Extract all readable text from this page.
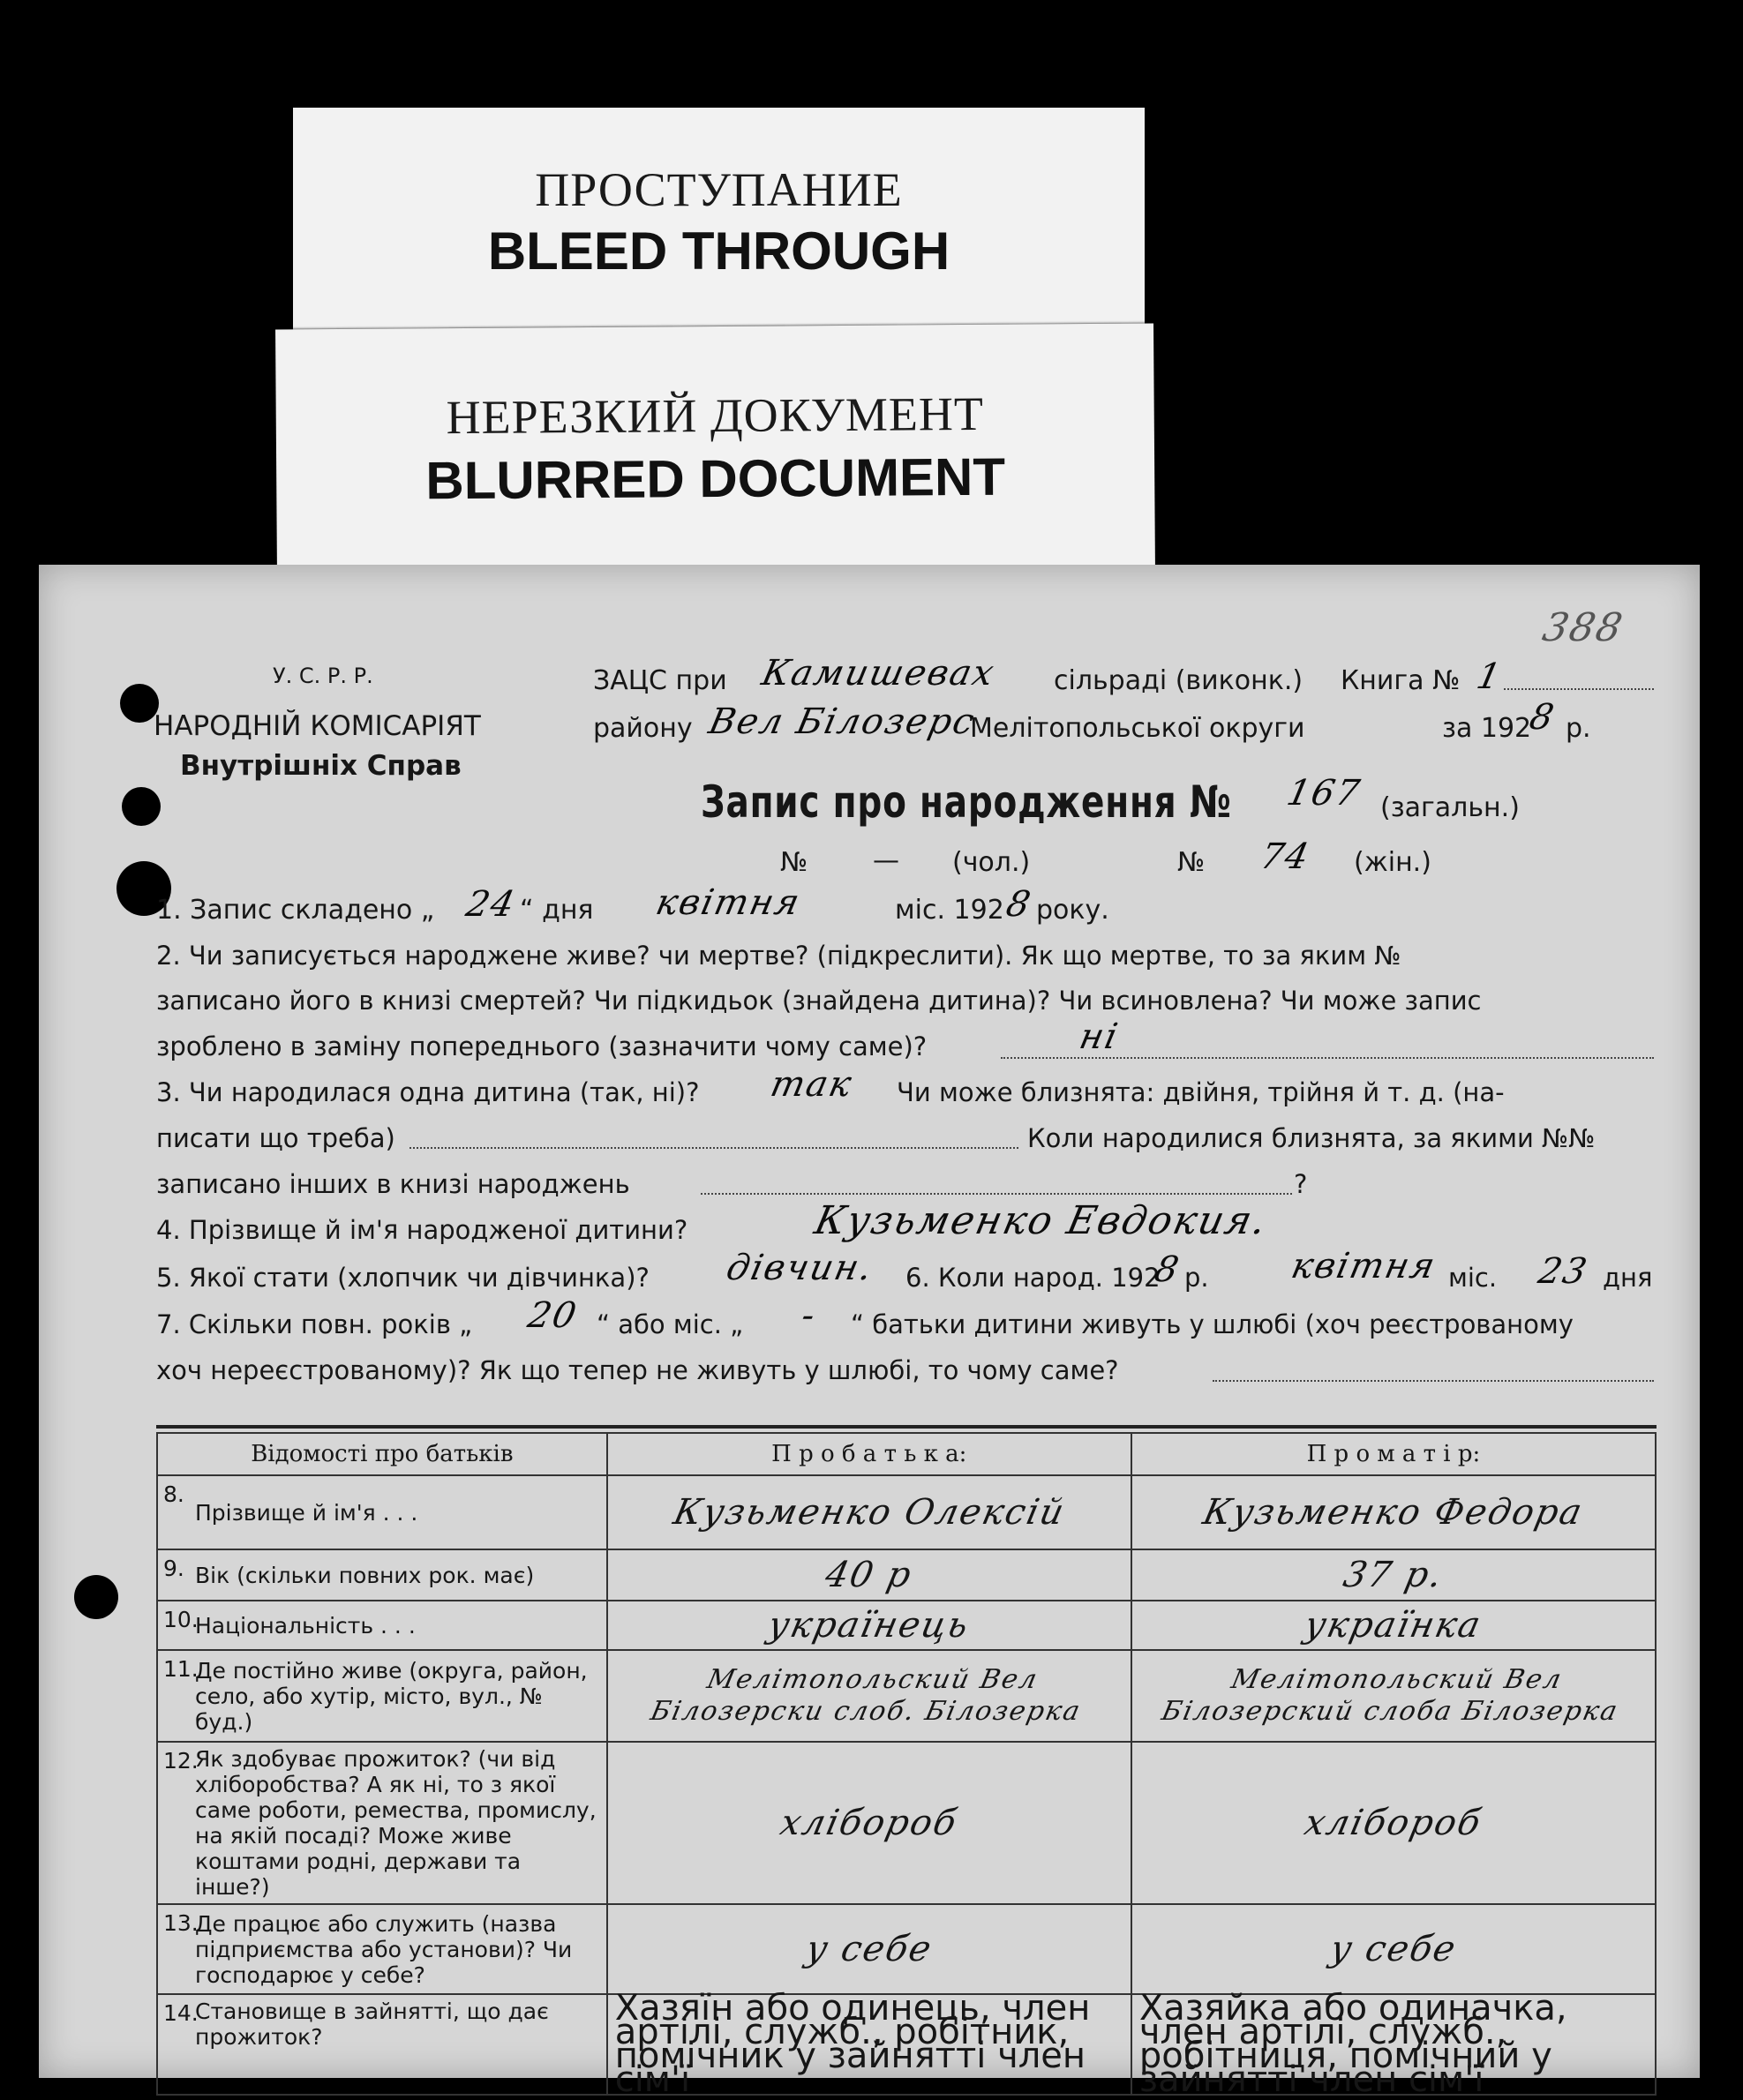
ПРОСТУПАНИЕ
BLEED THROUGH
НЕРЕЗКИЙ ДОКУМЕНТ
BLURRED DOCUMENT
388
У. С. Р. Р.
НАРОДНІЙ КОМІСАРІЯТ
Внутрішніх Справ
ЗАЦС при Камишевах сільраді (виконк.) Книга № 1
району Вел Білозерс
Мелітопольської округи	за 192
8 р.
Запис про народження № 167 (загальн.)
№ — (чол.)	№ 74 (жін.)
1. Запис складено „ 24 “ дня квітня	міс. 192
8 року.
2. Чи записується народжене живе? чи мертве? (підкреслити). Як що мертве, то за яким №
записано його в книзі смертей? Чи підкидьок (знайдена дитина)? Чи всиновлена? Чи може запис
зроблено в заміну попереднього (зазначити чому саме)?	ні
3. Чи народилася одна дитина (так, ні)? так Чи може близнята: двійня, трійня й т. д. (на-
писати що треба)	Коли народилися близнята, за якими №№
записано інших в книзі народжень	?
4. Прізвище й ім'я народженої дитини?	Кузьменко Евдокия.
5. Якої стати (хлопчик чи дівчинка)? дівчин. 6. Коли народ. 192
8 р. квітня міс. 23 дня
7. Скільки повн. років „ 20 “ або міс. „ - “ батьки дитини живуть у шлюбі (хоч реєстрованому
хоч нереєстрованому)? Як що тепер не живуть у шлюбі, то чому саме?
Відомості про батьків	П р о б а т ь к а:	П р о м а т і р:

8.
Прізвище й ім'я . . .	Кузьменко Олексій	Кузьменко Федора

9. Вік (скільки повних рок. має)	40 р	37 р.

10.
Національність . . .	українець	українка

11.
Де постійно живе (округа, район, село, або хутір, місто, вул., № буд.)	Мелітопольский Вел Білозерски слоб. Білозерка	Мелітопольский Вел Білозерский слоба Білозерка

12.
Як здобуває прожиток? (чи від хліборобства? А як ні, то з якої саме роботи, ремества, промислу, на якій посаді? Може живе коштами родні, держави та інше?)	хлібороб	хлібороб

13.
Де працює або служить (назва підприємства або установи)? Чи господарює у себе?	у себе	у себе

14.
Становище в зайнятті, що дає прожиток?	Хазяїн або одинець, член артілі, служб., робітник, помічник у зайнятті член сім'ї	Хазяйка або одиначка, член артілі, служб., робітниця, помічний у зайнятті член сім'ї
